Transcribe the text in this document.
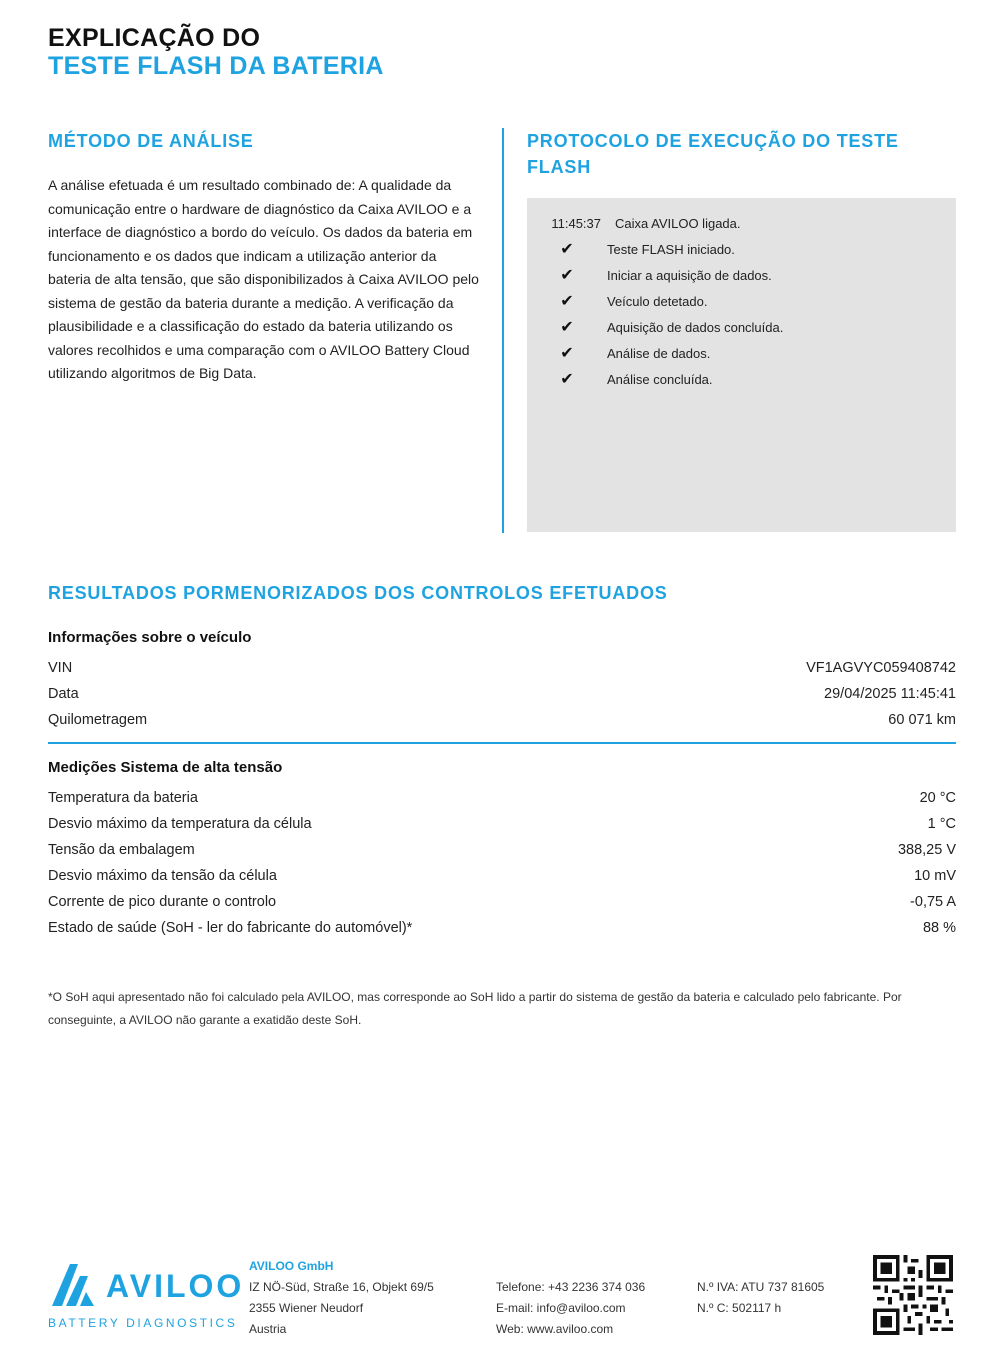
EXPLICAÇÃO DO
TESTE FLASH DA BATERIA
MÉTODO DE ANÁLISE

A análise efetuada é um resultado combinado de: A qualidade da comunicação entre o hardware de diagnóstico da Caixa AVILOO e a interface de diagnóstico a bordo do veículo. Os dados da bateria em funcionamento e os dados que indicam a utilização anterior da bateria de alta tensão, que são disponibilizados à Caixa AVILOO pelo sistema de gestão da bateria durante a medição. A verificação da plausibilidade e a classificação do estado da bateria utilizando os valores recolhidos e uma comparação com o AVILOO Battery Cloud utilizando algoritmos de Big Data.

PROTOCOLO DE EXECUÇÃO DO TESTE FLASH
11:45:37	Caixa AVILOO ligada.
✔	Teste FLASH iniciado.
✔	Iniciar a aquisição de dados.
✔	Veículo detetado.
✔	Aquisição de dados concluída.
✔	Análise de dados.
✔	Análise concluída.
RESULTADOS PORMENORIZADOS DOS CONTROLOS EFETUADOS
Informações sobre o veículo
VIN	VF1AGVYC059408742
Data	29/04/2025 11:45:41
Quilometragem	60 071 km
Medições Sistema de alta tensão
Temperatura da bateria	20 °C
Desvio máximo da temperatura da célula	1 °C
Tensão da embalagem	388,25 V
Desvio máximo da tensão da célula	10 mV
Corrente de pico durante o controlo	-0,75 A
Estado de saúde (SoH - ler do fabricante do automóvel)*	88 %
*O SoH aqui apresentado não foi calculado pela AVILOO, mas corresponde ao SoH lido a partir do sistema de gestão da bateria e calculado pelo fabricante. Por conseguinte, a AVILOO não garante a exatidão deste SoH.
AVILOO
BATTERY DIAGNOSTICS
AVILOO GmbH
IZ NÖ-Süd, Straße 16, Objekt 69/5
2355 Wiener Neudorf
Austria
Telefone: +43 2236 374 036
E-mail: info@aviloo.com
Web: www.aviloo.com
N.º IVA: ATU 737 81605
N.º C: 502117 h
